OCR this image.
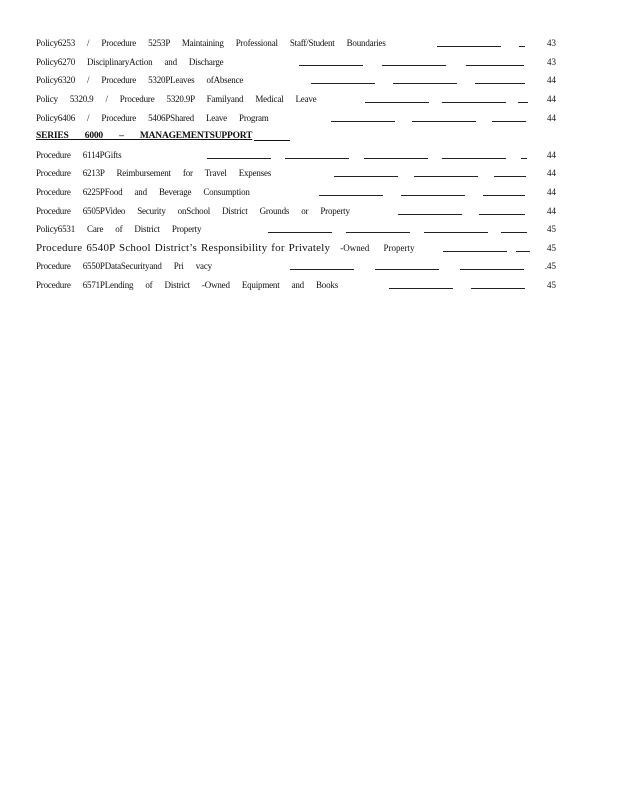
Policy6253 / Procedure 5253P Maintaining Professional Staff/Student Boundaries	43
Policy6270 DisciplinaryAction and Discharge	43
Policy6320 / Procedure 5320PLeaves ofAbsence	44
Policy 5320.9 / Procedure 5320.9P Familyand Medical Leave	44
Policy6406 / Procedure 5406PShared Leave Program	44
SERIES 6000 – MANAGEMENTSUPPORT
Procedure 6114PGifts	44
Procedure 6213P Reimbursement for Travel Expenses	44
Procedure 6225PFood and Beverage Consumption	44
Procedure 6505PVideo Security onSchool District Grounds or Property	44
Policy6531 Care of District Property	45
Procedure 6540P School District’s Responsibility for Privately -Owned Property	45
Procedure 6550PDataSecurityand Pri vacy	.45
Procedure 6571PLending of District -Owned Equipment and Books	45
